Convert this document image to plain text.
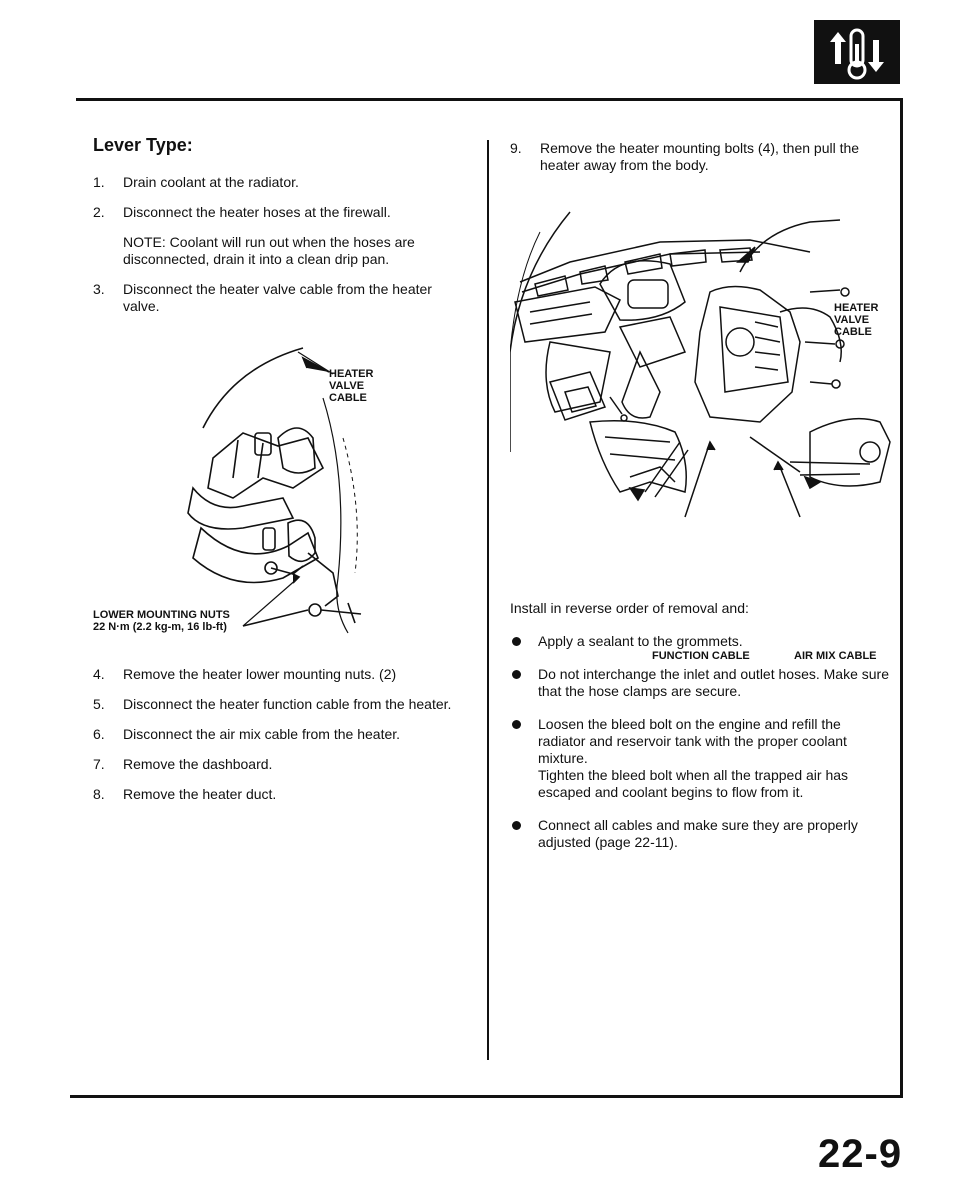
Lever Type:
1.	Drain coolant at the radiator.
2.	Disconnect the heater hoses at the firewall.
NOTE: Coolant will run out when the hoses are disconnected, drain it into a clean drip pan.
3.	Disconnect the heater valve cable from the heater valve.
HEATER
VALVE
CABLE
LOWER MOUNTING NUTS
22 N·m (2.2 kg-m, 16 lb-ft)
4.	Remove the heater lower mounting nuts. (2)
5.	Disconnect the heater function cable from the heater.
6.	Disconnect the air mix cable from the heater.
7.	Remove the dashboard.
8.	Remove the heater duct.
9.	Remove the heater mounting bolts (4), then pull the heater away from the body.
HEATER
VALVE
CABLE
FUNCTION CABLE	AIR MIX CABLE
Install in reverse order of removal and:
Apply a sealant to the grommets.
Do not interchange the inlet and outlet hoses. Make sure that the hose clamps are secure.
Loosen the bleed bolt on the engine and refill the radiator and reservoir tank with the proper coolant mixture.
Tighten the bleed bolt when all the trapped air has escaped and coolant begins to flow from it.
Connect all cables and make sure they are properly adjusted (page 22-11).
22-9
